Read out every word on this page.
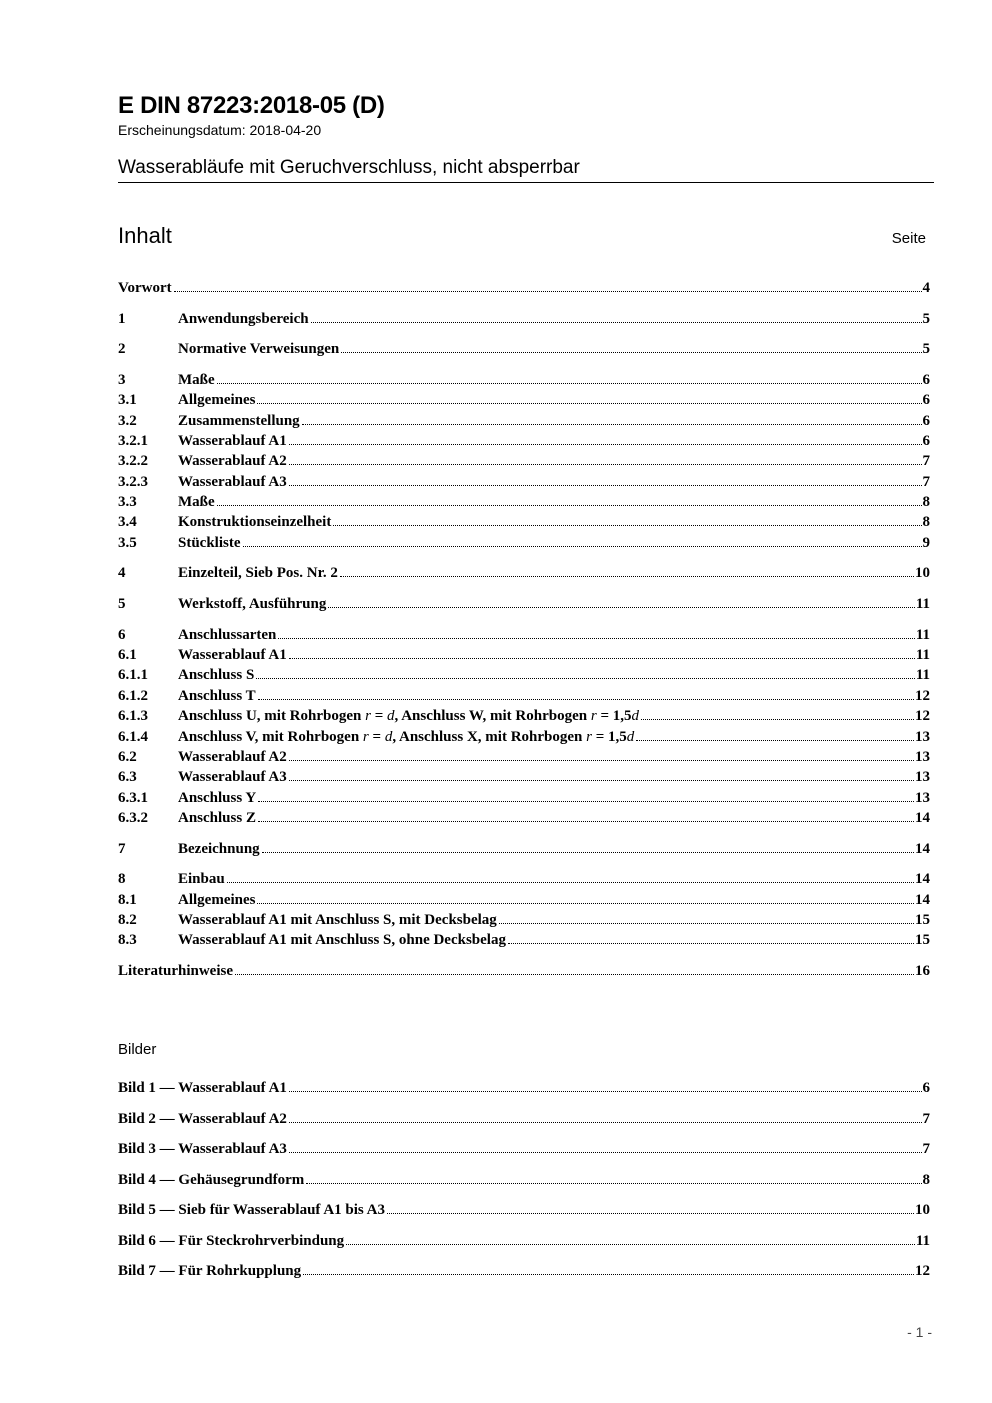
E DIN 87223:2018-05 (D)
Erscheinungsdatum: 2018-04-20
Wasserabläufe mit Geruchverschluss, nicht absperrbar
Inhalt	Seite
Vorwort	4
1	Anwendungsbereich	5
2	Normative Verweisungen	5
3	Maße	6
3.1	Allgemeines	6
3.2	Zusammenstellung	6
3.2.1	Wasserablauf A1	6
3.2.2	Wasserablauf A2	7
3.2.3	Wasserablauf A3	7
3.3	Maße	8
3.4	Konstruktionseinzelheit	8
3.5	Stückliste	9
4	Einzelteil, Sieb Pos. Nr. 2	10
5	Werkstoff, Ausführung	11
6	Anschlussarten	11
6.1	Wasserablauf A1	11
6.1.1	Anschluss S	11
6.1.2	Anschluss T	12
6.1.3	Anschluss U, mit Rohrbogen r = d, Anschluss W, mit Rohrbogen r = 1,5d	12
6.1.4	Anschluss V, mit Rohrbogen r = d, Anschluss X, mit Rohrbogen r = 1,5d	13
6.2	Wasserablauf A2	13
6.3	Wasserablauf A3	13
6.3.1	Anschluss Y	13
6.3.2	Anschluss Z	14
7	Bezeichnung	14
8	Einbau	14
8.1	Allgemeines	14
8.2	Wasserablauf A1 mit Anschluss S, mit Decksbelag	15
8.3	Wasserablauf A1 mit Anschluss S, ohne Decksbelag	15
Literaturhinweise	16
Bilder
Bild 1 — Wasserablauf A1	6
Bild 2 — Wasserablauf A2	7
Bild 3 — Wasserablauf A3	7
Bild 4 — Gehäusegrundform	8
Bild 5 — Sieb für Wasserablauf A1 bis A3	10
Bild 6 — Für Steckrohrverbindung	11
Bild 7 — Für Rohrkupplung	12
- 1 -
